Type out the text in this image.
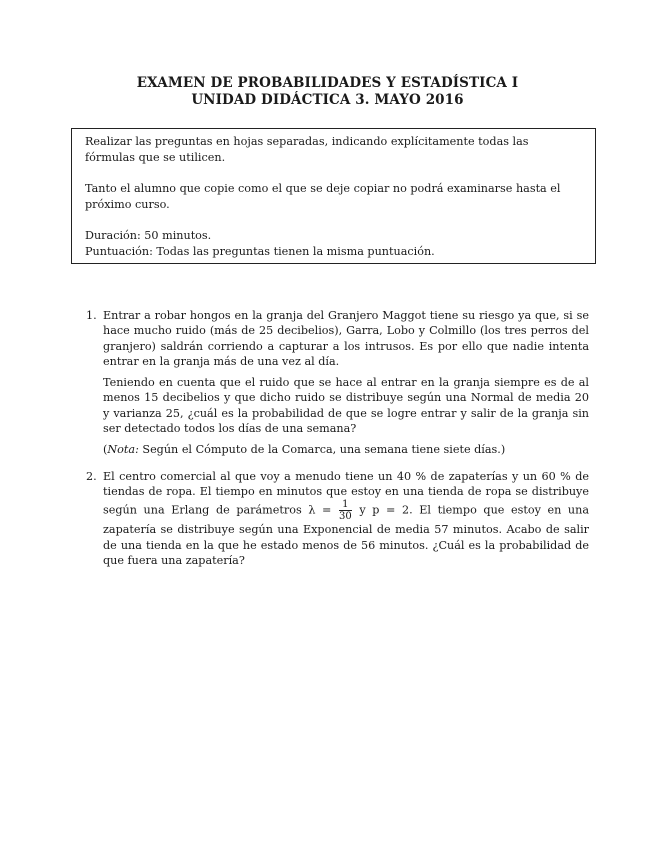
EXAMEN DE PROBABILIDADES Y ESTADÍSTICA I
UNIDAD DIDÁCTICA 3. MAYO 2016

Realizar las preguntas en hojas separadas, indicando explícitamente todas las fórmulas que se utilicen.

Tanto el alumno que copie como el que se deje copiar no podrá examinarse hasta el próximo curso.

Duración: 50 minutos.

Puntuación: Todas las preguntas tienen la misma puntuación.

1. Entrar a robar hongos en la granja del Granjero Maggot tiene su riesgo ya que, si se hace mucho ruido (más de 25 decibelios), Garra, Lobo y Colmillo (los tres perros del granjero) saldrán corriendo a capturar a los intrusos. Es por ello que nadie intenta entrar en la granja más de una vez al día.

Teniendo en cuenta que el ruido que se hace al entrar en la granja siempre es de al menos 15 decibelios y que dicho ruido se distribuye según una Normal de media 20 y varianza 25, ¿cuál es la probabilidad de que se logre entrar y salir de la granja sin ser detectado todos los días de una semana?

(Nota: Según el Cómputo de la Comarca, una semana tiene siete días.)

2. El centro comercial al que voy a menudo tiene un 40 % de zapaterías y un 60 % de tiendas de ropa. El tiempo en minutos que estoy en una tienda de ropa se distribuye según una Erlang de parámetros $\lambda = \frac{1}{30}$ y p = 2. El tiempo que estoy en una zapatería se distribuye según una Exponencial de media 57 minutos. Acabo de salir de una tienda en la que he estado menos de 56 minutos. ¿Cuál es la probabilidad de que fuera una zapatería?
